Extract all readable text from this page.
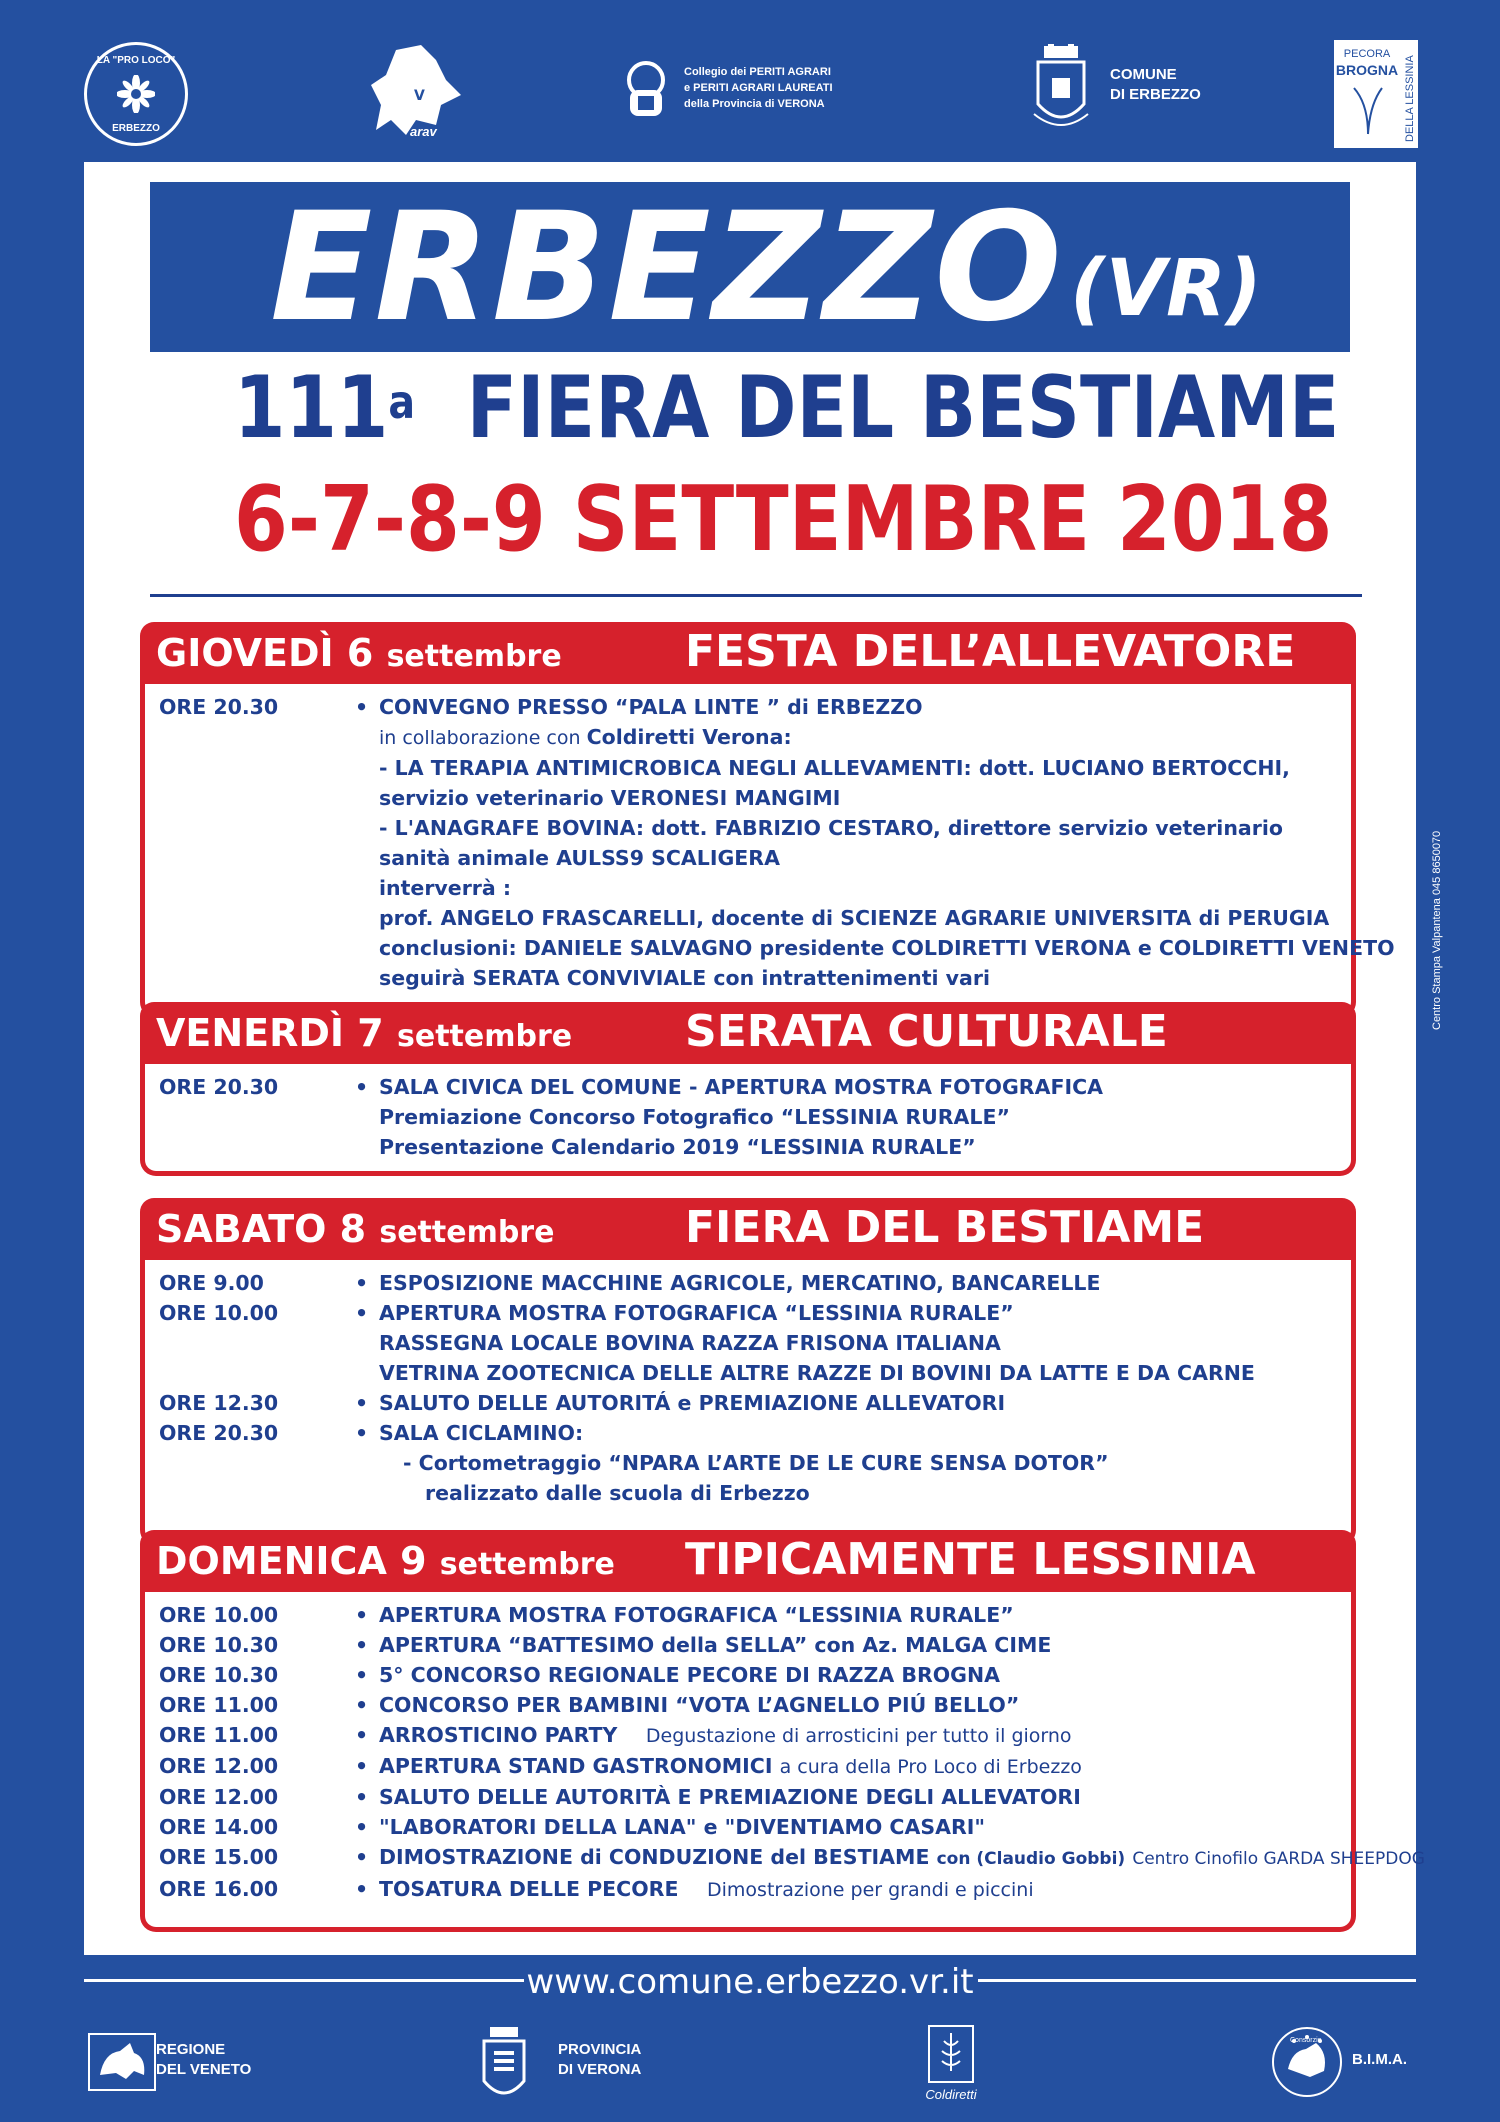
LA "PRO LOCO"
ERBEZZO
V
arav
Collegio dei PERITI AGRARI
e PERITI AGRARI LAUREATI
della Provincia di VERONA
COMUNE
DI ERBEZZO
PECORA
BROGNA DELLA LESSINIA
ERBEZZO (VR)
111$^a$ FIERA DEL BESTIAME
6-7-8-9 SETTEMBRE 2018
GIOVEDÌ 6 settembre	FESTA DELL’ALLEVATORE
ORE 20.30	• CONVEGNO PRESSO “PALA LINTE ” di ERBEZZO
in collaborazione con Coldiretti Verona:
- LA TERAPIA ANTIMICROBICA NEGLI ALLEVAMENTI: dott. LUCIANO BERTOCCHI,
servizio veterinario VERONESI MANGIMI
- L'ANAGRAFE BOVINA: dott. FABRIZIO CESTARO, direttore servizio veterinario
sanità animale AULSS9 SCALIGERA
interverrà :
prof. ANGELO FRASCARELLI, docente di SCIENZE AGRARIE UNIVERSITA di PERUGIA
conclusioni: DANIELE SALVAGNO presidente COLDIRETTI VERONA e COLDIRETTI VENETO
seguirà SERATA CONVIVIALE con intrattenimenti vari
VENERDÌ 7 settembre	SERATA CULTURALE
ORE 20.30	• SALA CIVICA DEL COMUNE - APERTURA MOSTRA FOTOGRAFICA
Premiazione Concorso Fotografico “LESSINIA RURALE”
Presentazione Calendario 2019 “LESSINIA RURALE”
SABATO 8 settembre	FIERA DEL BESTIAME
ORE 9.00	• ESPOSIZIONE MACCHINE AGRICOLE, MERCATINO, BANCARELLE
ORE 10.00	• APERTURA MOSTRA FOTOGRAFICA “LESSINIA RURALE”
RASSEGNA LOCALE BOVINA RAZZA FRISONA ITALIANA
VETRINA ZOOTECNICA DELLE ALTRE RAZZE DI BOVINI DA LATTE E DA CARNE
ORE 12.30	• SALUTO DELLE AUTORITÁ e PREMIAZIONE ALLEVATORI
ORE 20.30	• SALA CICLAMINO:
- Cortometraggio “NPARA L’ARTE DE LE CURE SENSA DOTOR”
realizzato dalle scuola di Erbezzo
DOMENICA 9 settembre TIPICAMENTE LESSINIA
ORE 10.00	• APERTURA MOSTRA FOTOGRAFICA “LESSINIA RURALE”
ORE 10.30	• APERTURA “BATTESIMO della SELLA” con Az. MALGA CIME
ORE 10.30	• 5° CONCORSO REGIONALE PECORE DI RAZZA BROGNA
ORE 11.00	• CONCORSO PER BAMBINI “VOTA L’AGNELLO PIÚ BELLO”
ORE 11.00	• ARROSTICINO PARTY Degustazione di arrosticini per tutto il giorno
ORE 12.00	• APERTURA STAND GASTRONOMICI a cura della Pro Loco di Erbezzo
ORE 12.00	• SALUTO DELLE AUTORITÀ E PREMIAZIONE DEGLI ALLEVATORI
ORE 14.00	• "LABORATORI DELLA LANA" e "DIVENTIAMO CASARI"
ORE 15.00	• DIMOSTRAZIONE di CONDUZIONE del BESTIAME con (Claudio Gobbi) Centro Cinofilo GARDA SHEEPDOG
ORE 16.00	• TOSATURA DELLE PECORE Dimostrazione per grandi e piccini
Centro Stampa Valpantena 045 8650070
www.comune.erbezzo.vr.it
REGIONE
DEL VENETO
PROVINCIA
DI VERONA
Coldiretti
Consorzio
B.I.M.A.
